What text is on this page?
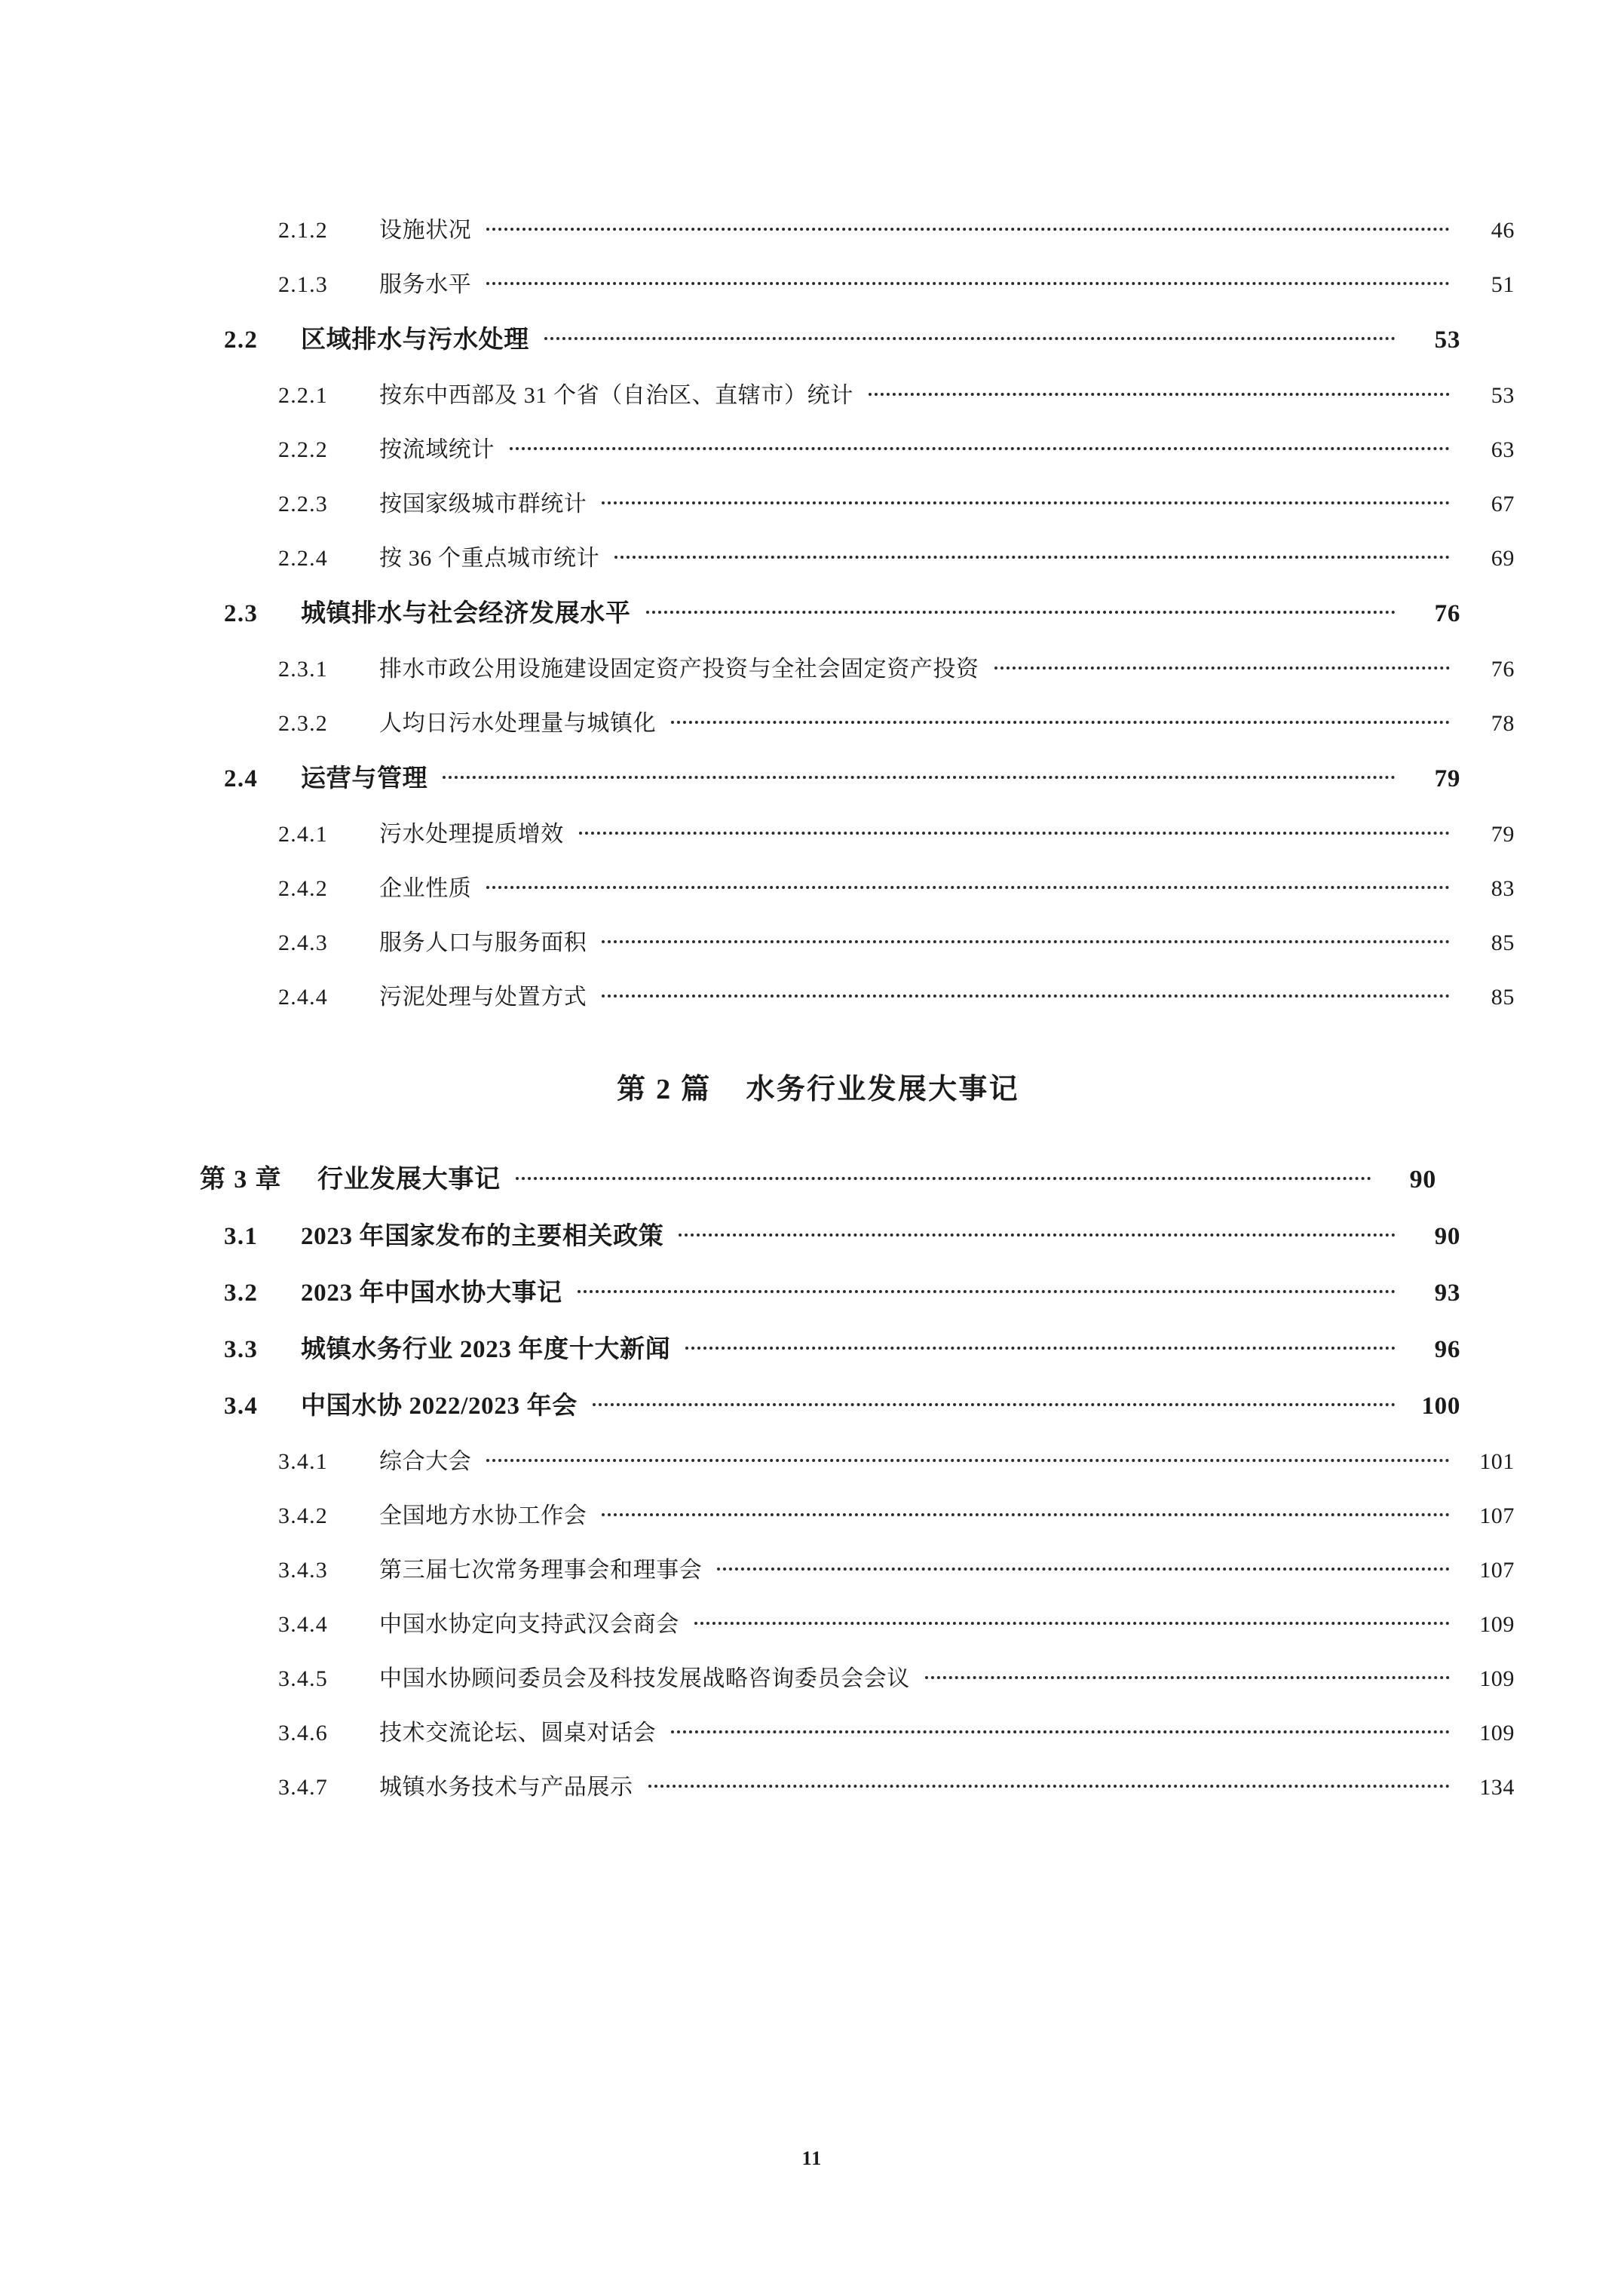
2.1.2	设施状况	46
2.1.3	服务水平	51
2.2	区域排水与污水处理	53
2.2.1	按东中西部及 31 个省（自治区、直辖市）统计	53
2.2.2	按流域统计	63
2.2.3	按国家级城市群统计	67
2.2.4	按 36 个重点城市统计	69
2.3	城镇排水与社会经济发展水平	76
2.3.1	排水市政公用设施建设固定资产投资与全社会固定资产投资	76
2.3.2	人均日污水处理量与城镇化	78
2.4	运营与管理	79
2.4.1	污水处理提质增效	79
2.4.2	企业性质	83
2.4.3	服务人口与服务面积	85
2.4.4	污泥处理与处置方式	85
第 2 篇 水务行业发展大事记
第 3 章	行业发展大事记	90
3.1	2023 年国家发布的主要相关政策	90
3.2	2023 年中国水协大事记	93
3.3	城镇水务行业 2023 年度十大新闻	96
3.4	中国水协 2022/2023 年会	100
3.4.1	综合大会	101
3.4.2	全国地方水协工作会	107
3.4.3	第三届七次常务理事会和理事会	107
3.4.4	中国水协定向支持武汉会商会	109
3.4.5	中国水协顾问委员会及科技发展战略咨询委员会会议	109
3.4.6	技术交流论坛、圆桌对话会	109
3.4.7	城镇水务技术与产品展示	134
11
